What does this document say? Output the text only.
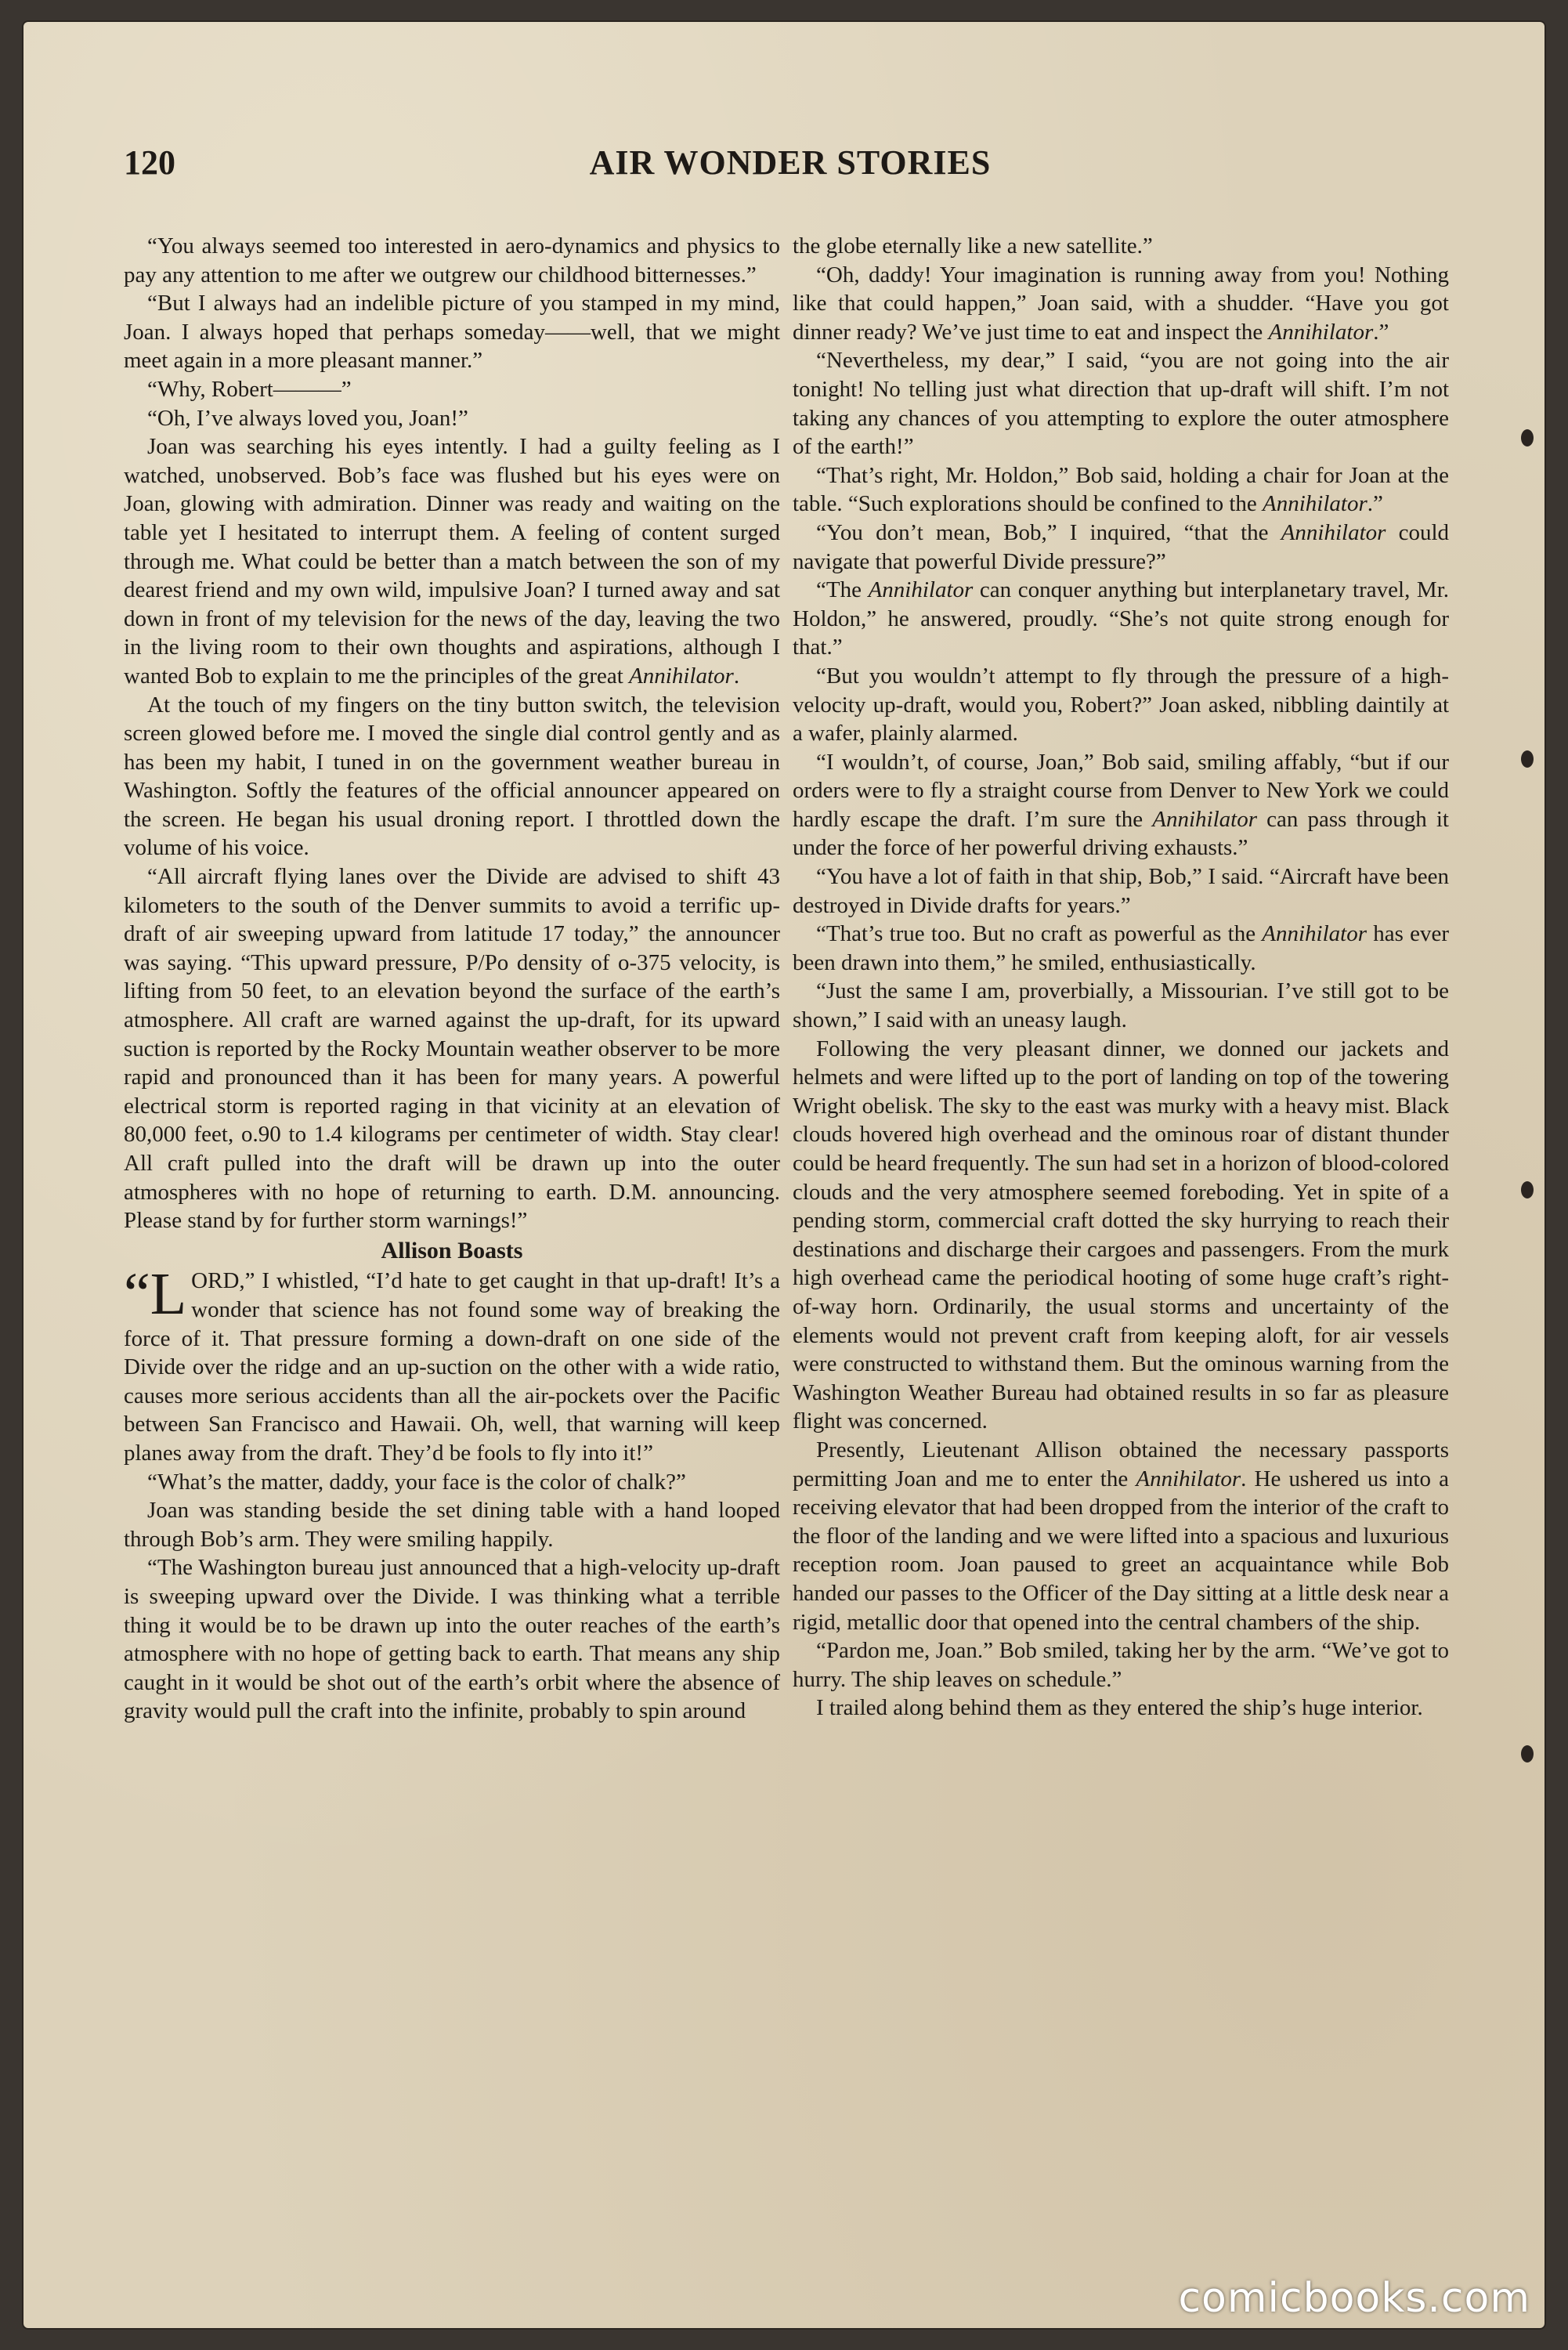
120	AIR WONDER STORIES

“You always seemed too interested in aero-dynamics and physics to pay any attention to me after we outgrew our childhood bitternesses.”

“But I always had an indelible picture of you stamped in my mind, Joan. I always hoped that perhaps someday——well, that we might meet again in a more pleasant manner.”

“Why, Robert———”

“Oh, I’ve always loved you, Joan!”

Joan was searching his eyes intently. I had a guilty feeling as I watched, unobserved. Bob’s face was flushed but his eyes were on Joan, glowing with admiration. Dinner was ready and waiting on the table yet I hesitated to interrupt them. A feeling of content surged through me. What could be better than a match between the son of my dearest friend and my own wild, impulsive Joan? I turned away and sat down in front of my television for the news of the day, leaving the two in the living room to their own thoughts and aspirations, although I wanted Bob to explain to me the principles of the great Annihilator.

At the touch of my fingers on the tiny button switch, the television screen glowed before me. I moved the single dial control gently and as has been my habit, I tuned in on the government weather bureau in Washington. Softly the features of the official announcer appeared on the screen. He began his usual droning report. I throttled down the volume of his voice.

“All aircraft flying lanes over the Divide are advised to shift 43 kilometers to the south of the Denver summits to avoid a terrific up-draft of air sweeping upward from latitude 17 today,” the announcer was saying. “This upward pressure, P/Po density of o-375 velocity, is lifting from 50 feet, to an elevation beyond the surface of the earth’s atmosphere. All craft are warned against the up-draft, for its upward suction is reported by the Rocky Mountain weather observer to be more rapid and pronounced than it has been for many years. A powerful electrical storm is reported raging in that vicinity at an elevation of 80,000 feet, o.90 to 1.4 kilograms per centimeter of width. Stay clear! All craft pulled into the draft will be drawn up into the outer atmospheres with no hope of returning to earth. D.M. announcing. Please stand by for further storm warnings!”

Allison Boasts

“L ORD,” I whistled, “I’d hate to get caught in that up-draft! It’s a wonder that science has not found some way of breaking the force of it. That pressure forming a down-draft on one side of the Divide over the ridge and an up-suction on the other with a wide ratio, causes more serious accidents than all the air-pockets over the Pacific between San Francisco and Hawaii. Oh, well, that warning will keep planes away from the draft. They’d be fools to fly into it!”

“What’s the matter, daddy, your face is the color of chalk?”

Joan was standing beside the set dining table with a hand looped through Bob’s arm. They were smiling happily.

“The Washington bureau just announced that a high-velocity up-draft is sweeping upward over the Divide. I was thinking what a terrible thing it would be to be drawn up into the outer reaches of the earth’s atmosphere with no hope of getting back to earth. That means any ship caught in it would be shot out of the earth’s orbit where the absence of gravity would pull the craft into the infinite, probably to spin around

the globe eternally like a new satellite.”

“Oh, daddy! Your imagination is running away from you! Nothing like that could happen,” Joan said, with a shudder. “Have you got dinner ready? We’ve just time to eat and inspect the Annihilator.”

“Nevertheless, my dear,” I said, “you are not going into the air tonight! No telling just what direction that up-draft will shift. I’m not taking any chances of you attempting to explore the outer atmosphere of the earth!”

“That’s right, Mr. Holdon,” Bob said, holding a chair for Joan at the table. “Such explorations should be confined to the Annihilator.”

“You don’t mean, Bob,” I inquired, “that the Annihilator could navigate that powerful Divide pressure?”

“The Annihilator can conquer anything but interplanetary travel, Mr. Holdon,” he answered, proudly. “She’s not quite strong enough for that.”

“But you wouldn’t attempt to fly through the pressure of a high-velocity up-draft, would you, Robert?” Joan asked, nibbling daintily at a wafer, plainly alarmed.

“I wouldn’t, of course, Joan,” Bob said, smiling affably, “but if our orders were to fly a straight course from Denver to New York we could hardly escape the draft. I’m sure the Annihilator can pass through it under the force of her powerful driving exhausts.”

“You have a lot of faith in that ship, Bob,” I said. “Aircraft have been destroyed in Divide drafts for years.”

“That’s true too. But no craft as powerful as the Annihilator has ever been drawn into them,” he smiled, enthusiastically.

“Just the same I am, proverbially, a Missourian. I’ve still got to be shown,” I said with an uneasy laugh.

Following the very pleasant dinner, we donned our jackets and helmets and were lifted up to the port of landing on top of the towering Wright obelisk. The sky to the east was murky with a heavy mist. Black clouds hovered high overhead and the ominous roar of distant thunder could be heard frequently. The sun had set in a horizon of blood-colored clouds and the very atmosphere seemed foreboding. Yet in spite of a pending storm, commercial craft dotted the sky hurrying to reach their destinations and discharge their cargoes and passengers. From the murk high overhead came the periodical hooting of some huge craft’s right-of-way horn. Ordinarily, the usual storms and uncertainty of the elements would not prevent craft from keeping aloft, for air vessels were constructed to withstand them. But the ominous warning from the Washington Weather Bureau had obtained results in so far as pleasure flight was concerned.

Presently, Lieutenant Allison obtained the necessary passports permitting Joan and me to enter the Annihilator. He ushered us into a receiving elevator that had been dropped from the interior of the craft to the floor of the landing and we were lifted into a spacious and luxurious reception room. Joan paused to greet an acquaintance while Bob handed our passes to the Officer of the Day sitting at a little desk near a rigid, metallic door that opened into the central chambers of the ship.

“Pardon me, Joan.” Bob smiled, taking her by the arm. “We’ve got to hurry. The ship leaves on schedule.”

I trailed along behind them as they entered the ship’s huge interior.

comicbooks.com
